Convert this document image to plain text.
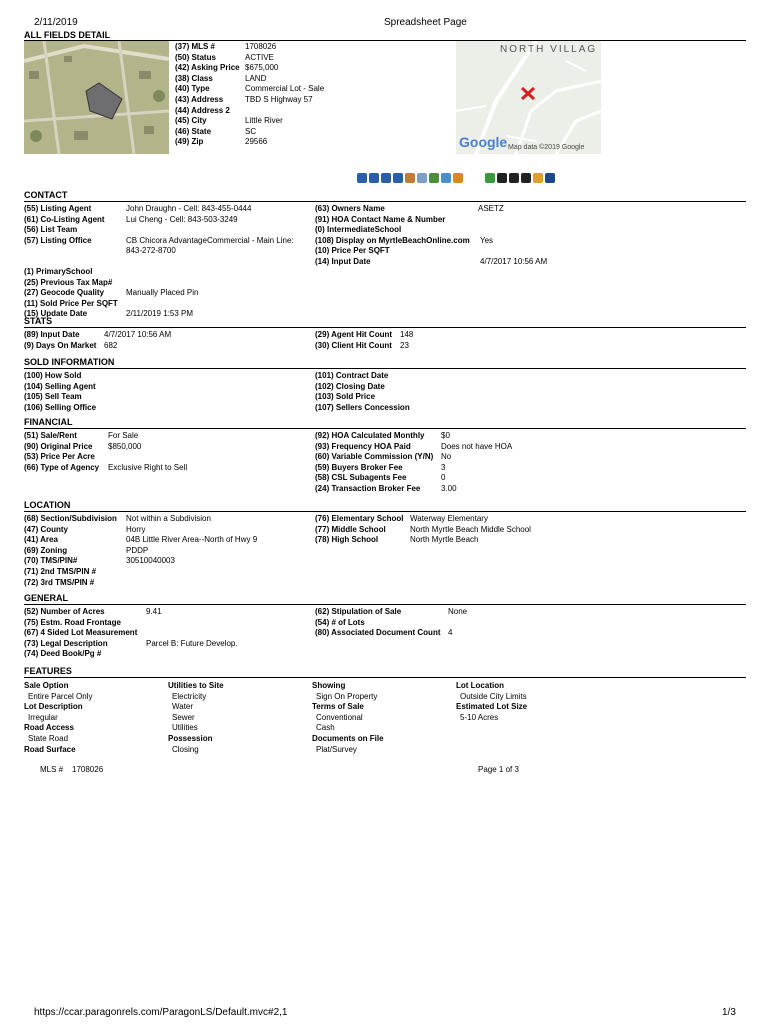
2/11/2019	Spreadsheet Page
ALL FIELDS DETAIL
(37) MLS #	1708026
(50) Status	ACTIVE
(42) Asking Price $675,000
(38) Class	LAND
(40) Type	Commercial Lot - Sale
(43) Address	TBD S Highway 57
(44) Address 2
(45) City	Little River
(46) State	SC
(49) Zip	29566
NORTH VILLAG
Google Map data ©2019 Google
CONTACT
(55) Listing Agent	John Draughn - Cell: 843-455-0444
(61) Co-Listing Agent	Lui Cheng - Cell: 843-503-3249
(56) List Team
(57) Listing Office	CB Chicora AdvantageCommercial - Main Line:
843-272-8700
(1) PrimarySchool
(25) Previous Tax Map#
(27) Geocode Quality	Manually Placed Pin
(11) Sold Price Per SQFT
(15) Update Date	2/11/2019 1:53 PM
(63) Owners Name	ASETZ
(91) HOA Contact Name & Number
(0) IntermediateSchool
(108) Display on MyrtleBeachOnline.com	Yes
(10) Price Per SQFT
(14) Input Date	4/7/2017 10:56 AM
STATS
(89) Input Date	4/7/2017 10:56 AM
(9) Days On Market 682
(29) Agent Hit Count 148
(30) Client Hit Count	23
SOLD INFORMATION
(100) How Sold
(104) Selling Agent
(105) Sell Team
(106) Selling Office
(101) Contract Date
(102) Closing Date
(103) Sold Price
(107) Sellers Concession
FINANCIAL
(51) Sale/Rent	For Sale
(90) Original Price	$850,000
(53) Price Per Acre
(66) Type of Agency	Exclusive Right to Sell
(92) HOA Calculated Monthly	$0
(93) Frequency HOA Paid	Does not have HOA
(60) Variable Commission (Y/N) No
(59) Buyers Broker Fee	3
(58) CSL Subagents Fee	0
(24) Transaction Broker Fee	3.00
LOCATION
(68) Section/Subdivision	Not within a Subdivision
(47) County	Horry
(41) Area	04B Little River Area--North of Hwy 9
(69) Zoning	PDDP
(70) TMS/PIN#	30510040003
(71) 2nd TMS/PIN #
(72) 3rd TMS/PIN #
(76) Elementary School Waterway Elementary
(77) Middle School	North Myrtle Beach Middle School
(78) High School	North Myrtle Beach
GENERAL
(52) Number of Acres	9.41
(75) Estm. Road Frontage
(67) 4 Sided Lot Measurement
(73) Legal Description	Parcel B: Future Develop.
(74) Deed Book/Pg #
(62) Stipulation of Sale	None
(54) # of Lots
(80) Associated Document Count 4
FEATURES
Sale Option
Entire Parcel Only
Lot Description
Irregular
Road Access
State Road
Road Surface
Utilities to Site
Electricity
Water
Sewer
Utilities
Possession
Closing
Showing
Sign On Property
Terms of Sale
Conventional
Cash
Documents on File
Plat/Survey
Lot Location
Outside City Limits
Estimated Lot Size
5-10 Acres
MLS # 1708026	Page 1 of 3
https://ccar.paragonrels.com/ParagonLS/Default.mvc#2,1	1/3
